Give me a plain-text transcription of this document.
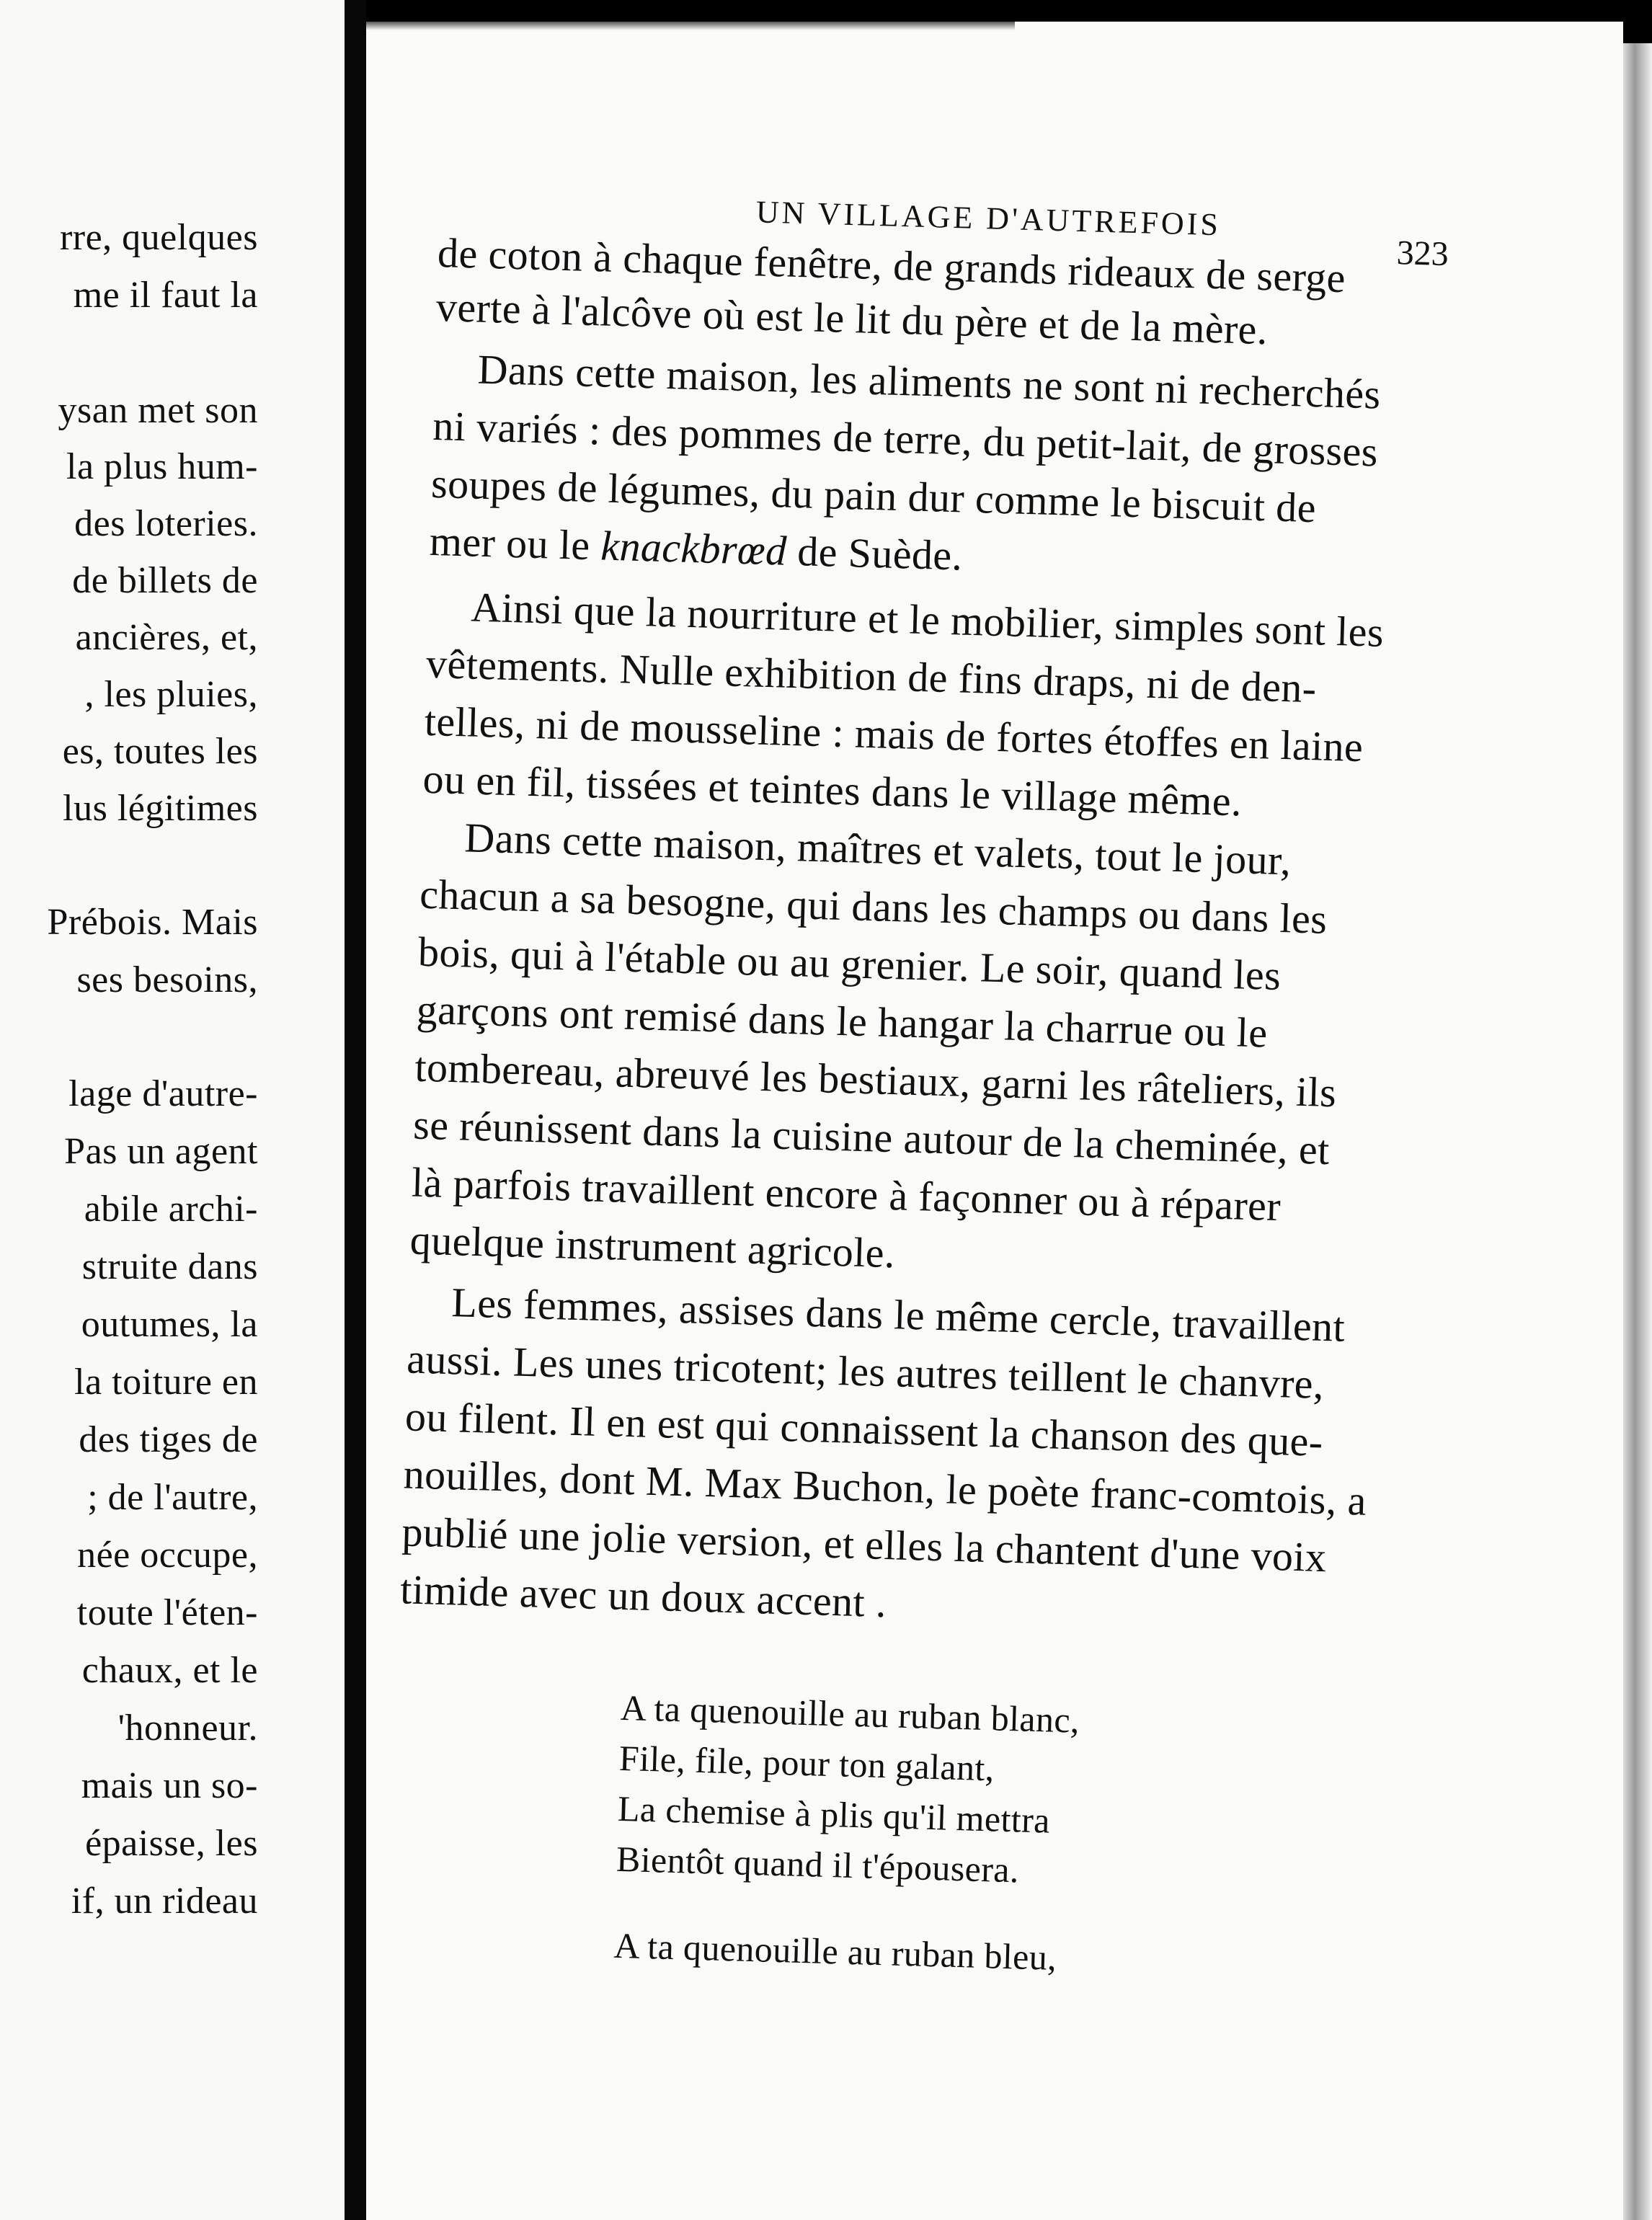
rre, quelques
me il faut la
ysan met son
la plus hum-
des loteries.
de billets de
ancières, et,
, les pluies,
es, toutes les
lus légitimes
Prébois. Mais
ses besoins,
lage d'autre-
Pas un agent
abile archi-
struite dans
outumes, la
la toiture en
des tiges de
; de l'autre,
née occupe,
toute l'éten-
chaux, et le
'honneur.
mais un so-
épaisse, les
if, un rideau
UN VILLAGE D'AUTREFOIS
323
de coton à chaque fenêtre, de grands rideaux de serge
verte à l'alcôve où est le lit du père et de la mère.
Dans cette maison, les aliments ne sont ni recherchés
ni variés : des pommes de terre, du petit-lait, de grosses
soupes de légumes, du pain dur comme le biscuit de
mer ou le knackbrœd de Suède.
Ainsi que la nourriture et le mobilier, simples sont les
vêtements. Nulle exhibition de fins draps, ni de den-
telles, ni de mousseline : mais de fortes étoffes en laine
ou en fil, tissées et teintes dans le village même.
Dans cette maison, maîtres et valets, tout le jour,
chacun a sa besogne, qui dans les champs ou dans les
bois, qui à l'étable ou au grenier. Le soir, quand les
garçons ont remisé dans le hangar la charrue ou le
tombereau, abreuvé les bestiaux, garni les râteliers, ils
se réunissent dans la cuisine autour de la cheminée, et
là parfois travaillent encore à façonner ou à réparer
quelque instrument agricole.
Les femmes, assises dans le même cercle, travaillent
aussi. Les unes tricotent; les autres teillent le chanvre,
ou filent. Il en est qui connaissent la chanson des que-
nouilles, dont M. Max Buchon, le poète franc-comtois, a
publié une jolie version, et elles la chantent d'une voix
timide avec un doux accent .
A ta quenouille au ruban blanc,
File, file, pour ton galant,
La chemise à plis qu'il mettra
Bientôt quand il t'épousera.
A ta quenouille au ruban bleu,
